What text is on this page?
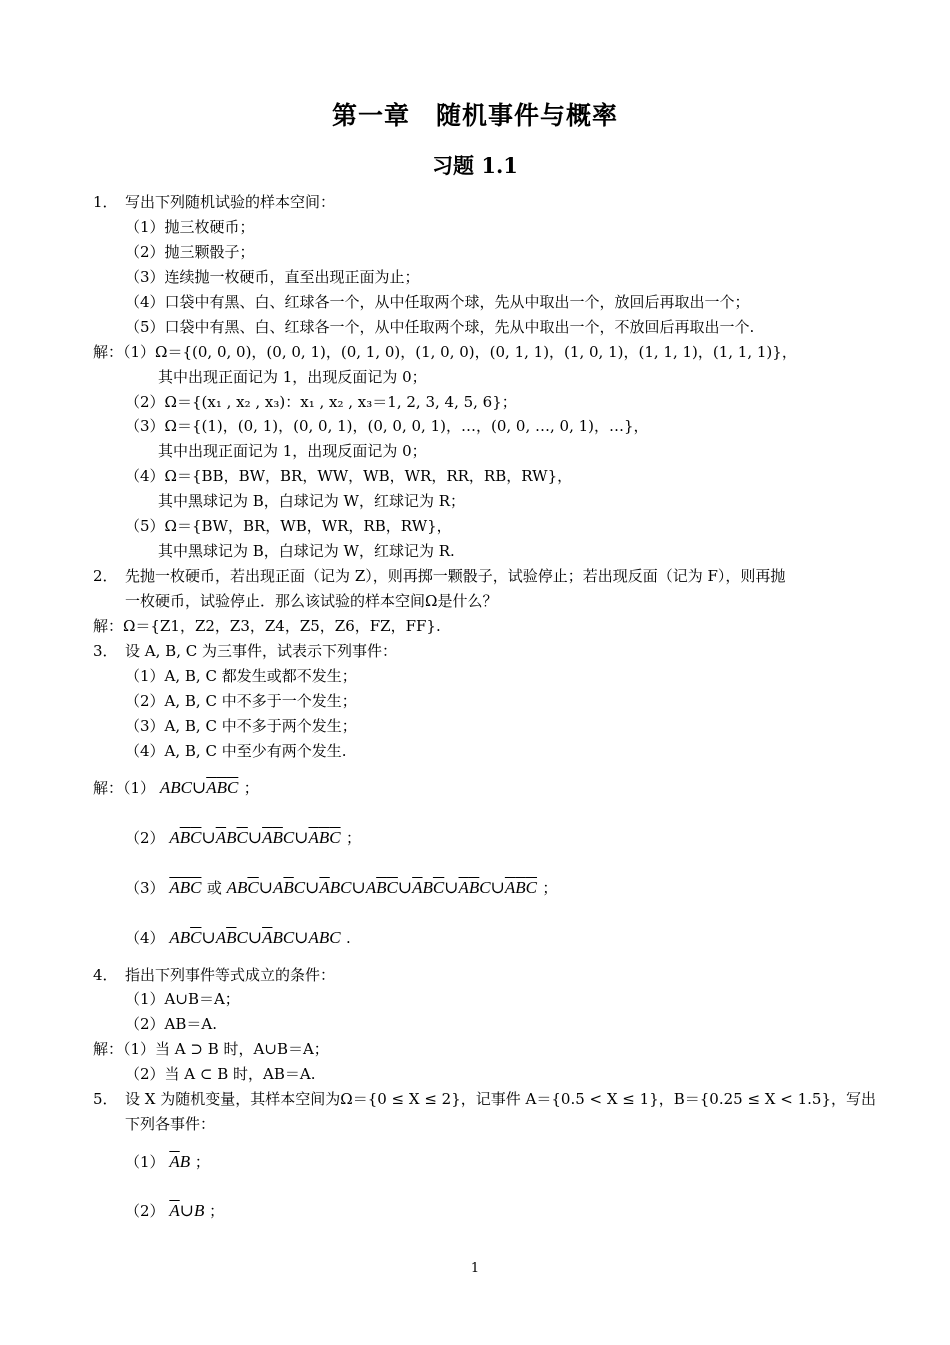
第一章　随机事件与概率
习题 1.1
1．　写出下列随机试验的样本空间：
（1）抛三枚硬币；
（2）抛三颗骰子；
（3）连续抛一枚硬币，直至出现正面为止；
（4）口袋中有黑、白、红球各一个，从中任取两个球，先从中取出一个，放回后再取出一个；
（5）口袋中有黑、白、红球各一个，从中任取两个球，先从中取出一个，不放回后再取出一个.
解：（1）Ω＝{(0, 0, 0)，(0, 0, 1)，(0, 1, 0)，(1, 0, 0)，(0, 1, 1)，(1, 0, 1)，(1, 1, 1)，(1, 1, 1)}，
其中出现正面记为 1，出现反面记为 0；
（2）Ω＝{(x₁ , x₂ , x₃)：x₁ , x₂ , x₃＝1, 2, 3, 4, 5, 6}；
（3）Ω＝{(1)，(0, 1)，(0, 0, 1)，(0, 0, 0, 1)，…，(0, 0, …, 0, 1)，…}，
其中出现正面记为 1，出现反面记为 0；
（4）Ω＝{BB，BW，BR，WW，WB，WR，RR，RB，RW}，
其中黑球记为 B，白球记为 W，红球记为 R；
（5）Ω＝{BW，BR，WB，WR，RB，RW}，
其中黑球记为 B，白球记为 W，红球记为 R.
2．　先抛一枚硬币，若出现正面（记为 Z），则再掷一颗骰子，试验停止；若出现反面（记为 F），则再抛
一枚硬币，试验停止．那么该试验的样本空间Ω是什么？
解：Ω＝{Z1，Z2，Z3，Z4，Z5，Z6，FZ，FF}.
3．　设 A, B, C 为三事件，试表示下列事件：
（1）A, B, C 都发生或都不发生；
（2）A, B, C 中不多于一个发生；
（3）A, B, C 中不多于两个发生；
（4）A, B, C 中至少有两个发生.
解：（1） $ABC\cup\overline{A}\overline{B}\overline{C}$ ；
（2） $A\overline{B}\overline{C}\cup\overline{A}B\overline{C}\cup\overline{A}\overline{B}C\cup\overline{A}\overline{B}\overline{C}$ ；
（3） $\overline{ABC}$ 或 $AB\overline{C}\cup A\overline{B}C\cup\overline{A}BC\cup A\overline{B}\overline{C}\cup\overline{A}B\overline{C}\cup\overline{A}\overline{B}C\cup\overline{A}\overline{B}\overline{C}$ ；
（4） $AB\overline{C}\cup A\overline{B}C\cup\overline{A}BC\cup ABC$ .
4．　指出下列事件等式成立的条件：
（1）A∪B＝A；
（2）AB＝A.
解：（1）当 A ⊃ B 时，A∪B＝A；
（2）当 A ⊂ B 时，AB＝A.
5．　设 X 为随机变量，其样本空间为Ω＝{0 ≤ X ≤ 2}，记事件 A＝{0.5 < X ≤ 1}，B＝{0.25 ≤ X < 1.5}，写出
下列各事件：
（1） $\overline{A}B$ ；
（2） $\overline{A}\cup B$ ；
1
